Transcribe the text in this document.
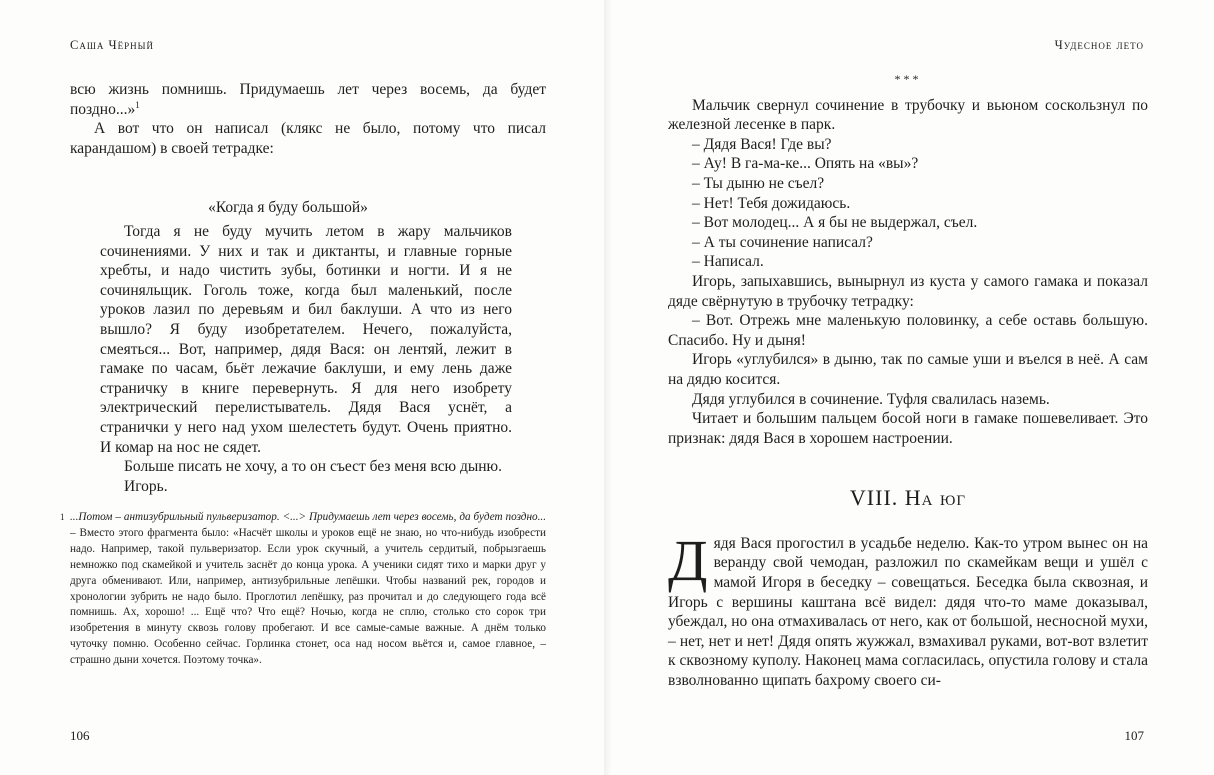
Саша Чёрный

всю жизнь помнишь. Придумаешь лет через восемь, да будет поздно...»$^1$

А вот что он написал (клякс не было, потому что писал карандашом) в своей тетрадке:

«Когда я буду большой»

Тогда я не буду мучить летом в жару мальчиков сочинениями. У них и так и диктанты, и главные горные хребты, и надо чистить зубы, ботинки и ногти. И я не сочиняльщик. Гоголь тоже, когда был маленький, после уроков лазил по деревьям и бил баклуши. А что из него вышло? Я буду изобретателем. Нечего, пожалуйста, смеяться... Вот, например, дядя Вася: он лентяй, лежит в гамаке по часам, бьёт лежачие баклуши, и ему лень даже страничку в книге перевернуть. Я для него изобрету электрический перелистыватель. Дядя Вася уснёт, а странички у него над ухом шелестеть будут. Очень приятно. И комар на нос не сядет.

Больше писать не хочу, а то он съест без меня всю дыню.

Игорь.

1 ...Потом – антизубрильный пульверизатор. <...> Придумаешь лет через восемь, да будет поздно... – Вместо этого фрагмента было: «Насчёт школы и уроков ещё не знаю, но что-нибудь изобрести надо. Например, такой пульверизатор. Если урок скучный, а учитель сердитый, побрызгаешь немножко под скамейкой и учитель заснёт до конца урока. А ученики сидят тихо и марки друг у друга обменивают. Или, например, антизубрильные лепёшки. Чтобы названий рек, городов и хронологии зубрить не надо было. Проглотил лепёшку, раз прочитал и до следующего года всё помнишь. Ах, хорошо! ... Ещё что? Что ещё? Ночью, когда не сплю, столько сто сорок три изобретения в минуту сквозь голову пробегают. И все самые-самые важные. А днём только чуточку помню. Особенно сейчас. Горлинка стонет, оса над носом вьётся и, самое главное, – страшно дыни хочется. Поэтому точка».
106
Чудесное лето
***

Мальчик свернул сочинение в трубочку и вьюном соскользнул по железной лесенке в парк.

– Дядя Вася! Где вы?

– Ау! В га-ма-ке... Опять на «вы»?

– Ты дыню не съел?

– Нет! Тебя дожидаюсь.

– Вот молодец... А я бы не выдержал, съел.

– А ты сочинение написал?

– Написал.

Игорь, запыхавшись, вынырнул из куста у самого гамака и показал дяде свёрнутую в трубочку тетрадку:

– Вот. Отрежь мне маленькую половинку, а себе оставь большую. Спасибо. Ну и дыня!

Игорь «углубился» в дыню, так по самые уши и въелся в неё. А сам на дядю косится.

Дядя углубился в сочинение. Туфля свалилась наземь.

Читает и большим пальцем босой ноги в гамаке пошевеливает. Это признак: дядя Вася в хорошем настроении.

VIII. На юг

Дядя Вася прогостил в усадьбе неделю. Как-то утром вынес он на веранду свой чемодан, разложил по скамейкам вещи и ушёл с мамой Игоря в беседку – совещаться. Беседка была сквозная, и Игорь с вершины каштана всё видел: дядя что-то маме доказывал, убеждал, но она отмахивалась от него, как от большой, несносной мухи, – нет, нет и нет! Дядя опять жужжал, взмахивал руками, вот-вот взлетит к сквозному куполу. Наконец мама согласилась, опустила голову и стала взволнованно щипать бахрому своего си-

107
